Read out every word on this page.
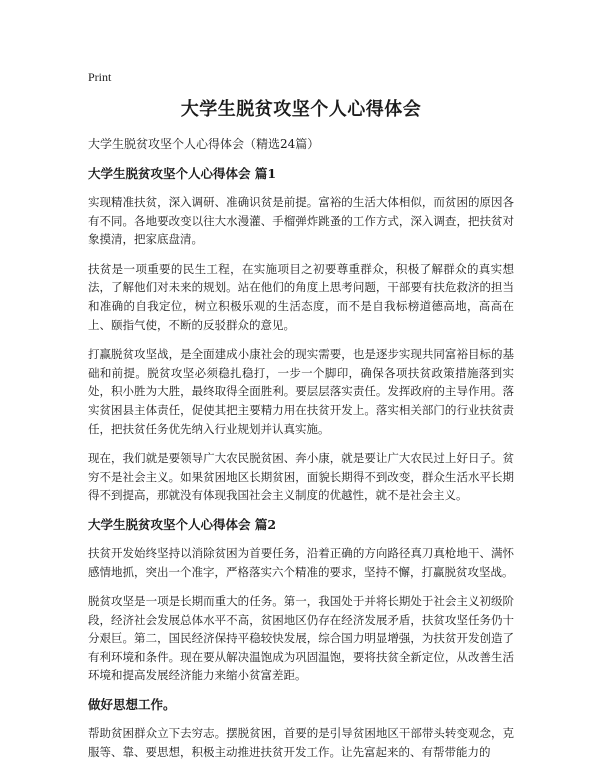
Print
大学生脱贫攻坚个人心得体会

大学生脱贫攻坚个人心得体会（精选24篇）

大学生脱贫攻坚个人心得体会 篇1

实现精准扶贫，深入调研、准确识贫是前提。富裕的生活大体相似，而贫困的原因各有不同。各地要改变以往大水漫灌、手榴弹炸跳蚤的工作方式，深入调查，把扶贫对象摸清，把家底盘清。

扶贫是一项重要的民生工程，在实施项目之初要尊重群众，积极了解群众的真实想法，了解他们对未来的规划。站在他们的角度上思考问题，干部要有扶危救济的担当和准确的自我定位，树立积极乐观的生活态度，而不是自我标榜道德高地，高高在上、颐指气使，不断的反驳群众的意见。

打赢脱贫攻坚战，是全面建成小康社会的现实需要，也是逐步实现共同富裕目标的基础和前提。脱贫攻坚必须稳扎稳打，一步一个脚印，确保各项扶贫政策措施落到实处，积小胜为大胜，最终取得全面胜利。要层层落实责任。发挥政府的主导作用。落实贫困县主体责任，促使其把主要精力用在扶贫开发上。落实相关部门的行业扶贫责任，把扶贫任务优先纳入行业规划并认真实施。

现在，我们就是要领导广大农民脱贫困、奔小康，就是要让广大农民过上好日子。贫穷不是社会主义。如果贫困地区长期贫困，面貌长期得不到改变，群众生活水平长期得不到提高，那就没有体现我国社会主义制度的优越性，就不是社会主义。

大学生脱贫攻坚个人心得体会 篇2

扶贫开发始终坚持以消除贫困为首要任务，沿着正确的方向路径真刀真枪地干、满怀感情地抓，突出一个准字，严格落实六个精准的要求，坚持不懈，打赢脱贫攻坚战。

脱贫攻坚是一项是长期而重大的任务。第一，我国处于并将长期处于社会主义初级阶段，经济社会发展总体水平不高，贫困地区仍存在经济发展矛盾，扶贫攻坚任务仍十分艰巨。第二，国民经济保持平稳较快发展，综合国力明显增强，为扶贫开发创造了有利环境和条件。现在要从解决温饱成为巩固温饱，要将扶贫全新定位，从改善生活环境和提高发展经济能力来缩小贫富差距。

做好思想工作。

帮助贫困群众立下去穷志。摆脱贫困，首要的是引导贫困地区干部带头转变观念，克服等、靠、要思想，积极主动推进扶贫开发工作。让先富起来的、有帮带能力的
